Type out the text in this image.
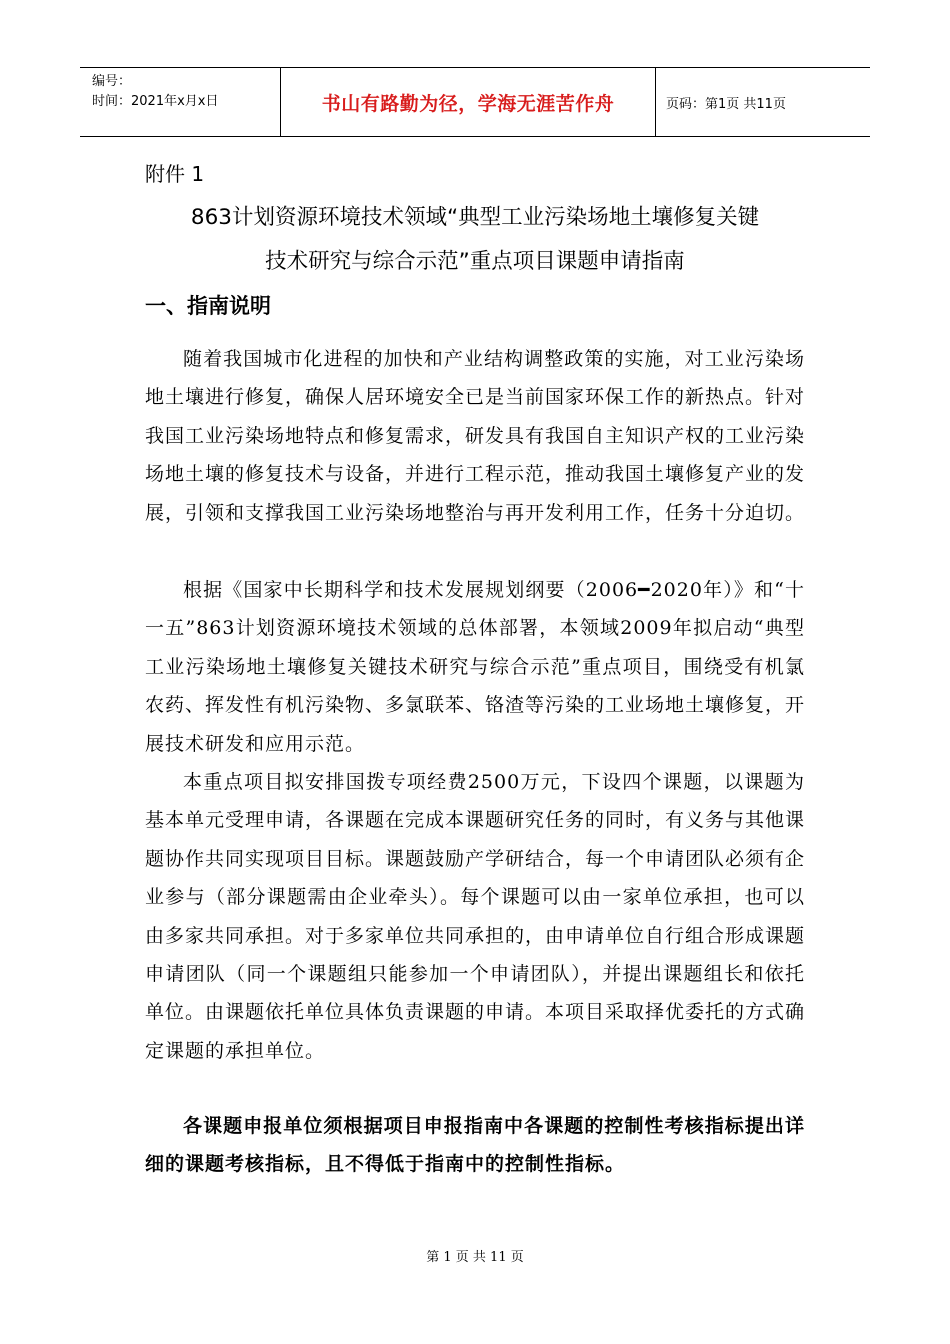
编号：
时间：2021年x月x日	书山有路勤为径，学海无涯苦作舟	页码：第1页 共11页
附件 1
863计划资源环境技术领域“典型工业污染场地土壤修复关键
技术研究与综合示范”重点项目课题申请指南
一、指南说明

随着我国城市化进程的加快和产业结构调整政策的实施，对工业污染场地土壤进行修复，确保人居环境安全已是当前国家环保工作的新热点。针对我国工业污染场地特点和修复需求，研发具有我国自主知识产权的工业污染场地土壤的修复技术与设备，并进行工程示范，推动我国土壤修复产业的发展，引领和支撑我国工业污染场地整治与再开发利用工作，任务十分迫切。

根据《国家中长期科学和技术发展规划纲要（2006━2020年）》和“十一五”863计划资源环境技术领域的总体部署，本领域2009年拟启动“典型工业污染场地土壤修复关键技术研究与综合示范”重点项目，围绕受有机氯农药、挥发性有机污染物、多氯联苯、铬渣等污染的工业场地土壤修复，开展技术研发和应用示范。

本重点项目拟安排国拨专项经费2500万元，下设四个课题，以课题为基本单元受理申请，各课题在完成本课题研究任务的同时，有义务与其他课题协作共同实现项目目标。课题鼓励产学研结合，每一个申请团队必须有企业参与（部分课题需由企业牵头）。每个课题可以由一家单位承担，也可以由多家共同承担。对于多家单位共同承担的，由申请单位自行组合形成课题申请团队（同一个课题组只能参加一个申请团队），并提出课题组长和依托单位。由课题依托单位具体负责课题的申请。本项目采取择优委托的方式确定课题的承担单位。

各课题申报单位须根据项目申报指南中各课题的控制性考核指标提出详细的课题考核指标，且不得低于指南中的控制性指标。

第 1 页 共 11 页
